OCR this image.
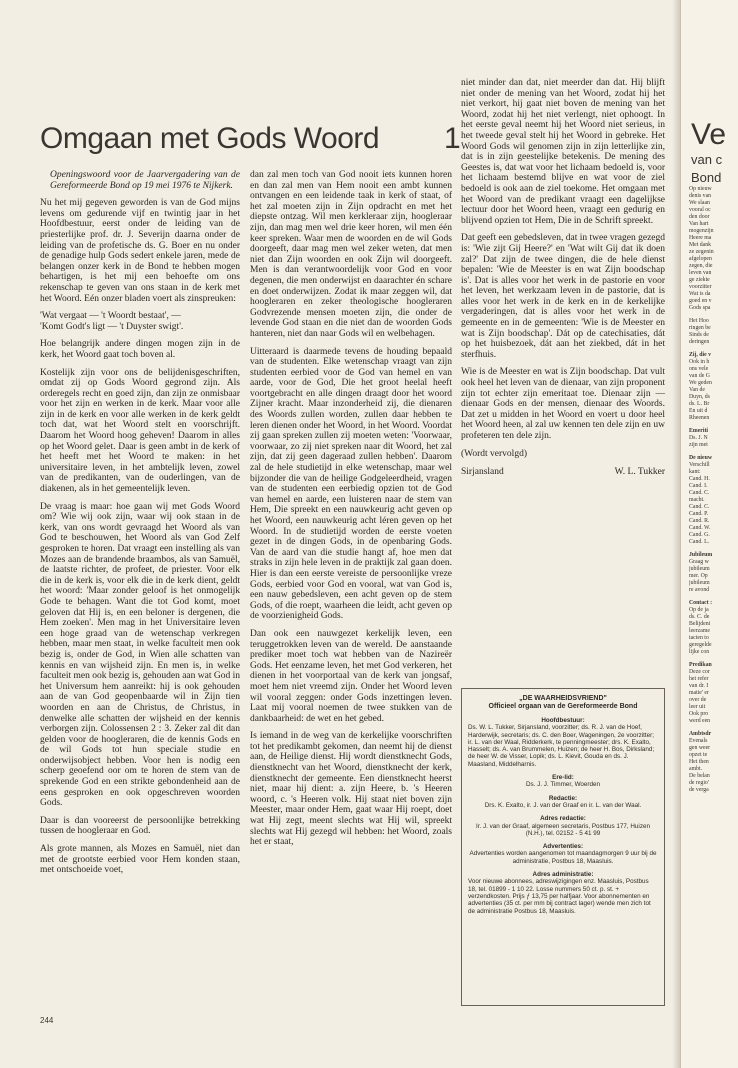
Omgaan met Gods Woord	1

Openingswoord voor de Jaarvergadering van de Gereformeerde Bond op 19 mei 1976 te Nijkerk.

Nu het mij gegeven geworden is van de God mijns levens om gedurende vijf en twintig jaar in het Hoofdbestuur, eerst onder de leiding van de priesterlijke prof. dr. J. Severijn daarna onder de leiding van de profetische ds. G. Boer en nu onder de genadige hulp Gods sedert enkele jaren, mede de belangen onzer kerk in de Bond te hebben mogen behartigen, is het mij een behoefte om ons rekenschap te geven van ons staan in de kerk met het Woord. Eén onzer bladen voert als zinspreuken:

'Wat vergaat — 't Woordt bestaat', —

'Komt Godt's ligt — 't Duyster swigt'.

Hoe belangrijk andere dingen mogen zijn in de kerk, het Woord gaat toch boven al.

Kostelijk zijn voor ons de belijdenisgeschriften, omdat zij op Gods Woord gegrond zijn. Als orderegels recht en goed zijn, dan zijn ze onmisbaar voor het zijn en werken in de kerk. Maar voor alle zijn in de kerk en voor alle werken in de kerk geldt toch dat, wat het Woord stelt en voorschrijft. Daarom het Woord hoog geheven! Daarom in alles op het Woord gelet. Daar is geen ambt in de kerk of het heeft met het Woord te maken: in het universitaire leven, in het ambtelijk leven, zowel van de predikanten, van de ouderlingen, van de diakenen, als in het gemeentelijk leven.

De vraag is maar: hoe gaan wij met Gods Woord om? Wie wij ook zijn, waar wij ook staan in de kerk, van ons wordt gevraagd het Woord als van God te beschouwen, het Woord als van God Zelf gesproken te horen. Dat vraagt een instelling als van Mozes aan de brandende braambos, als van Samuël, de laatste richter, de profeet, de priester. Voor elk die in de kerk is, voor elk die in de kerk dient, geldt het woord: 'Maar zonder geloof is het onmogelijk Gode te behagen. Want die tot God komt, moet geloven dat Hij is, en een beloner is dergenen, die Hem zoeken'. Men mag in het Universitaire leven een hoge graad van de wetenschap verkregen hebben, maar men staat, in welke faculteit men ook bezig is, onder de God, in Wien alle schatten van kennis en van wijsheid zijn. En men is, in welke faculteit men ook bezig is, gehouden aan wat God in het Universum hem aanreikt: hij is ook gehouden aan de van God geopenbaarde wil in Zijn tien woorden en aan de Christus, de Christus, in denwelke alle schatten der wijsheid en der kennis verborgen zijn. Colossensen 2 : 3. Zeker zal dit dan gelden voor de hoogleraren, die de kennis Gods en de wil Gods tot hun speciale studie en onderwijsobject hebben. Voor hen is nodig een scherp geoefend oor om te horen de stem van de sprekende God en een strikte gebondenheid aan de eens gesproken en ook opgeschreven woorden Gods.

Daar is dan vooreerst de persoonlijke betrekking tussen de hoogleraar en God.

Als grote mannen, als Mozes en Samuël, niet dan met de grootste eerbied voor Hem konden staan, met ontschoeide voet,

dan zal men toch van God nooit iets kunnen horen en dan zal men van Hem nooit een ambt kunnen ontvangen en een leidende taak in kerk of staat, of het zal moeten zijn in Zijn opdracht en met het diepste ontzag. Wil men kerkleraar zijn, hoogleraar zijn, dan mag men wel drie keer horen, wil men één keer spreken. Waar men de woorden en de wil Gods doorgeeft, daar mag men wel zeker weten, dat men niet dan Zijn woorden en ook Zijn wil doorgeeft. Men is dan verantwoordelijk voor God en voor degenen, die men onderwijst en daarachter én schare en doet onderwijzen. Zodat ik maar zeggen wil, dat hoogleraren en zeker theologische hoogleraren Godvrezende mensen moeten zijn, die onder de levende God staan en die niet dan de woorden Gods hanteren, niet dan naar Gods wil en welbehagen.

Uitteraard is daarmede tevens de houding bepaald van de studenten. Elke wetenschap vraagt van zijn studenten eerbied voor de God van hemel en van aarde, voor de God, Die het groot heelal heeft voortgebracht en alle dingen draagt door het woord Zijner kracht. Maar inzonderheid zij, die dienaren des Woords zullen worden, zullen daar hebben te leren dienen onder het Woord, in het Woord. Voordat zij gaan spreken zullen zij moeten weten: 'Voorwaar, voorwaar, zo zij niet spreken naar dit Woord, het zal zijn, dat zij geen dageraad zullen hebben'. Daarom zal de hele studietijd in elke wetenschap, maar wel bijzonder die van de heilige Godgeleerdheid, vragen van de studenten een eerbiedig opzien tot de God van hemel en aarde, een luisteren naar de stem van Hem, Die spreekt en een nauwkeurig acht geven op het Woord, een nauwkeurig acht léren geven op het Woord. In de studietijd worden de eerste voeten gezet in de dingen Gods, in de openbaring Gods. Van de aard van die studie hangt af, hoe men dat straks in zijn hele leven in de praktijk zal gaan doen. Hier is dan een eerste vereiste de persoonlijke vreze Gods, eerbied voor God en vooral, wat van God is, een nauw gebedsleven, een acht geven op de stem Gods, of die roept, waarheen die leidt, acht geven op de voorzienigheid Gods.

Dan ook een nauwgezet kerkelijk leven, een teruggetrokken leven van de wereld. De aanstaande prediker moet toch wat hebben van de Nazireër Gods. Het eenzame leven, het met God verkeren, het dienen in het voorportaal van de kerk van jongsaf, moet hem niet vreemd zijn. Onder het Woord leven wil vooral zeggen: onder Gods inzettingen leven. Laat mij vooral noemen de twee stukken van de dankbaarheid: de wet en het gebed.

Is iemand in de weg van de kerkelijke voorschriften tot het predikambt gekomen, dan neemt hij de dienst aan, de Heilige dienst. Hij wordt dienstknecht Gods, dienstknecht van het Woord, dienstknecht der kerk, dienstknecht der gemeente. Een dienstknecht heerst niet, maar hij dient: a. zijn Heere, b. 's Heeren woord, c. 's Heeren volk. Hij staat niet boven zijn Meester, maar onder Hem, gaat waar Hij roept, doet wat Hij zegt, meent slechts wat Hij wil, spreekt slechts wat Hij gezegd wil hebben: het Woord, zoals het er staat,

niet minder dan dat, niet meerder dan dat. Hij blijft niet onder de mening van het Woord, zodat hij het niet verkort, hij gaat niet boven de mening van het Woord, zodat hij het niet verlengt, niet ophoogt. In het eerste geval neemt hij het Woord niet serieus, in het tweede geval stelt hij het Woord in gebreke. Het Woord Gods wil genomen zijn in zijn letterlijke zin, dat is in zijn geestelijke betekenis. De mening des Geestes is, dat wat voor het lichaam bedoeld is, voor het lichaam bestemd blijve en wat voor de ziel bedoeld is ook aan de ziel toekome. Het omgaan met het Woord van de predikant vraagt een dagelijkse lectuur door het Woord heen, vraagt een gedurig en blijvend opzien tot Hem, Die in de Schrift spreekt.

Dat geeft een gebedsleven, dat in twee vragen gezegd is: 'Wie zijt Gij Heere?' en 'Wat wilt Gij dat ik doen zal?' Dat zijn de twee dingen, die de hele dienst bepalen: 'Wie de Meester is en wat Zijn boodschap is'. Dat is alles voor het werk in de pastorie en voor het leven, het werkzaam leven in de pastorie, dat is alles voor het werk in de kerk en in de kerkelijke vergaderingen, dat is alles voor het werk in de gemeente en in de gemeenten: 'Wie is de Meester en wat is Zijn boodschap'. Dát op de catechisaties, dát op het huisbezoek, dát aan het ziekbed, dát in het sterfhuis.

Wie is de Meester en wat is Zijn boodschap. Dat vult ook heel het leven van de dienaar, van zijn proponent zijn tot echter zijn emeritaat toe. Dienaar zijn — dienaar Gods en der mensen, dienaar des Woords. Dat zet u midden in het Woord en voert u door heel het Woord heen, al zal uw kennen ten dele zijn en uw profeteren ten dele zijn.

(Wordt vervolgd)

Sirjansland	W. L. Tukker
„DE WAARHEIDSVRIEND"
Officieel orgaan van de Gereformeerde Bond
Hoofdbestuur:
Ds. W. L. Tukker, Sirjansland, voorzitter; ds. R. J. van de Hoef, Harderwijk, secretaris; ds. C. den Boer, Wageningen, 2e voorzitter; ir. L. van der Waal, Ridderkerk, te penningmeester; drs. K. Exalto, Hasselt; ds. A. van Brummelen, Huizen; de heer H. Bos, Dirksland; de heer W. de Visser, Lopik; ds. L. Kievit, Gouda en ds. J. Maasland, Middelharnis.
Ere-lid:
Ds. J. J. Timmer, Woerden
Redactie:
Drs. K. Exalto, ir. J. van der Graaf en ir. L. van der Waal.
Adres redactie:
Ir. J. van der Graaf, algemeen secretaris, Postbus 177, Huizen (N.H.), tel. 02152 - 5 41 99
Advertenties:
Advertenties worden aangenomen tot maandagmorgen 9 uur bij de administratie, Postbus 18, Maasluis.
Adres administratie:
Voor nieuwe abonnees, adreswijzigingen enz. Maasluis, Postbus 18, tel. 01899 - 1 10 22. Losse nummers 50 ct. p. st. + verzendkosten. Prijs ƒ 13,75 per halfjaar. Voor abonnementen en advertenties (35 ct. per mm bij contract lager) wende men zich tot de administratie Postbus 18, Maasluis.
244
Ve
van c
Bond
Op nieuw
denis van
We slaan
vooral oc
den door
Van hart
mogenzijn
Heere ma
Met dank
ze zegenin
afgelopen
zegen, die
leven van
ge ziekte
voorzitter
Wat is da
goed en v
Gods spa
Het Hoo
ringen be
Sinds de
deringen
Zij, die v
Ook in h
ons vele
van de G
We geden
Van de
Duyn, ds
ds. L. Br
En uit d
Rheenen
Emeriti
Ds. J. N
zijn met
De nieuw
Verschill
kant:
Cand. H.
Cand. I.
Cand. C.
macht.
Cand. C.
Cand. P.
Cand. R.
Cand. W.
Cand. G.
Cand. L.
Jubileum
Graag w
jubileum
mer. Op
jubileum
re avond
Contact :
Op de ja
ds. C. de
Belijdeni
leerzame
tacten to
geregelde
lijke con
Predikan
Deze cor
het refer
van dr. I
matie' er
over de
leer uit
Ook pro
werd een
Ambtsdr
Evenals
gen weer
opzet te
Het then
ambt.
De belan
de regio'
de verga
